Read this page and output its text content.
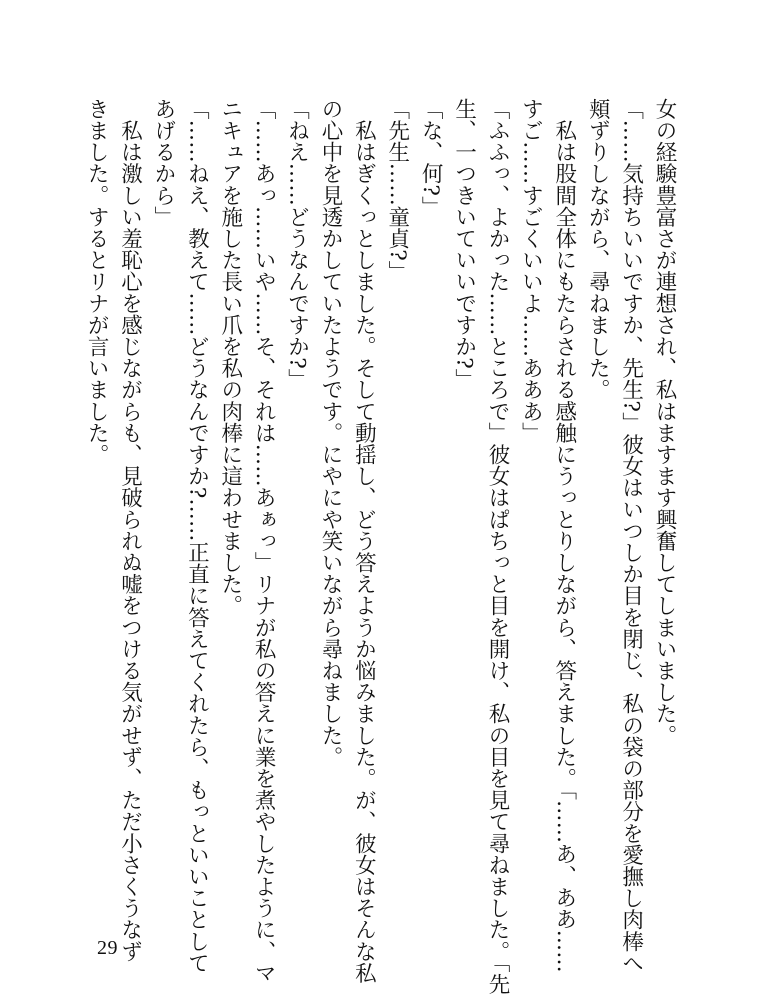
女の経験豊富さが連想され、私はますます興奮してしまいました。
「……気持ちいいですか、先生?」彼女はいつしか目を閉じ、私の袋の部分を愛撫し肉棒へ
頬ずりしながら、尋ねました。
　私は股間全体にもたらされる感触にうっとりしながら、答えました。「……あ、ああ……
すご……すごくいいよ……あああ」
「ふふっ、よかった……ところで」彼女はぱちっと目を開け、私の目を見て尋ねました。「先
生、一つきいていいですか?」
「な、何?」
「先生……童貞?」
　私はぎくっとしました。そして動揺し、どう答えようか悩みました。が、彼女はそんな私
の心中を見透かしていたようです。にやにや笑いながら尋ねました。
「ねえ……どうなんですか?」
「……あっ……いや……そ、それは……あぁっ」リナが私の答えに業を煮やしたように、マ
ニキュアを施した長い爪を私の肉棒に這わせました。
「……ねえ、教えて……どうなんですか?……正直に答えてくれたら、もっといいことして
あげるから」
　私は激しい羞恥心を感じながらも、見破られぬ嘘をつける気がせず、ただ小さくうなず
きました。するとリナが言いました。
29
